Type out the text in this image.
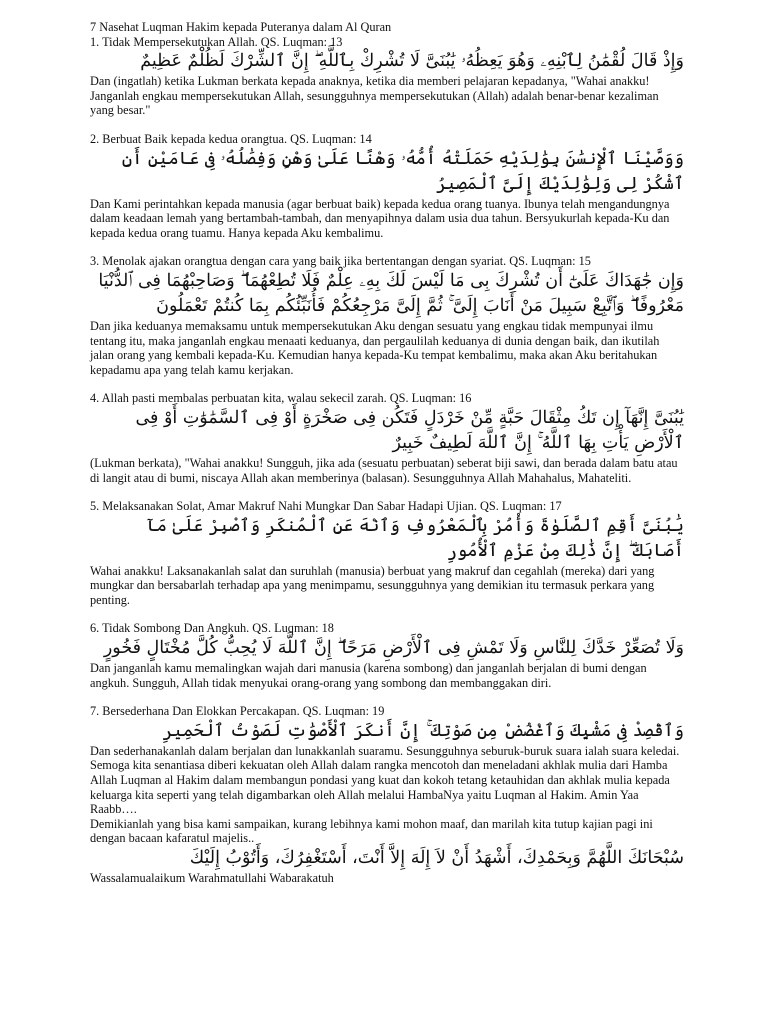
7 Nasehat Luqman Hakim kepada Puteranya dalam Al Quran

1. Tidak Mempersekutukan Allah. QS. Luqman: 13

وَإِذْ قَالَ لُقْمَٰنُ لِٱبْنِهِۦ وَهُوَ يَعِظُهُۥ يَٰبُنَىَّ لَا تُشْرِكْ بِٱللَّهِ ۖ إِنَّ ٱلشِّرْكَ لَظُلْمٌ عَظِيمٌ

Dan (ingatlah) ketika Lukman berkata kepada anaknya, ketika dia memberi pelajaran kepadanya, "Wahai anakku! Janganlah engkau mempersekutukan Allah, sesungguhnya mempersekutukan (Allah) adalah benar-benar kezaliman yang besar."

2. Berbuat Baik kepada kedua orangtua. QS. Luqman: 14

وَوَصَّيْنَا ٱلْإِنسَٰنَ بِوَٰلِدَيْهِ حَمَلَتْهُ أُمُّهُۥ وَهْنًا عَلَىٰ وَهْنٍ وَفِصَٰلُهُۥ فِى عَامَيْنِ أَنِ ٱشْكُرْ لِى وَلِوَٰلِدَيْكَ إِلَىَّ ٱلْمَصِيرُ

Dan Kami perintahkan kepada manusia (agar berbuat baik) kepada kedua orang tuanya. Ibunya telah mengandungnya dalam keadaan lemah yang bertambah-tambah, dan menyapihnya dalam usia dua tahun. Bersyukurlah kepada-Ku dan kepada kedua orang tuamu. Hanya kepada Aku kembalimu.

3. Menolak ajakan orangtua dengan cara yang baik jika bertentangan dengan syariat. QS. Luqman: 15

وَإِن جَٰهَدَاكَ عَلَىٰٓ أَن تُشْرِكَ بِى مَا لَيْسَ لَكَ بِهِۦ عِلْمٌ فَلَا تُطِعْهُمَا ۖ وَصَاحِبْهُمَا فِى ٱلدُّنْيَا مَعْرُوفًا ۖ وَٱتَّبِعْ سَبِيلَ مَنْ أَنَابَ إِلَىَّ ۚ ثُمَّ إِلَىَّ مَرْجِعُكُمْ فَأُنَبِّئُكُم بِمَا كُنتُمْ تَعْمَلُونَ

Dan jika keduanya memaksamu untuk mempersekutukan Aku dengan sesuatu yang engkau tidak mempunyai ilmu tentang itu, maka janganlah engkau menaati keduanya, dan pergaulilah keduanya di dunia dengan baik, dan ikutilah jalan orang yang kembali kepada-Ku. Kemudian hanya kepada-Ku tempat kembalimu, maka akan Aku beritahukan kepadamu apa yang telah kamu kerjakan.

4. Allah pasti membalas perbuatan kita, walau sekecil zarah. QS. Luqman: 16

يَٰبُنَىَّ إِنَّهَآ إِن تَكُ مِثْقَالَ حَبَّةٍ مِّنْ خَرْدَلٍ فَتَكُن فِى صَخْرَةٍ أَوْ فِى ٱلسَّمَٰوَٰتِ أَوْ فِى ٱلْأَرْضِ يَأْتِ بِهَا ٱللَّهُ ۚ إِنَّ ٱللَّهَ لَطِيفٌ خَبِيرٌ

(Lukman berkata), "Wahai anakku! Sungguh, jika ada (sesuatu perbuatan) seberat biji sawi, dan berada dalam batu atau di langit atau di bumi, niscaya Allah akan memberinya (balasan). Sesungguhnya Allah Mahahalus, Mahateliti.

5. Melaksanakan Solat, Amar Makruf Nahi Mungkar Dan Sabar Hadapi Ujian. QS. Luqman: 17

يَٰبُنَىَّ أَقِمِ ٱلصَّلَوٰةَ وَأْمُرْ بِٱلْمَعْرُوفِ وَٱنْهَ عَنِ ٱلْمُنكَرِ وَٱصْبِرْ عَلَىٰ مَآ أَصَابَكَ ۖ إِنَّ ذَٰلِكَ مِنْ عَزْمِ ٱلْأُمُورِ

Wahai anakku! Laksanakanlah salat dan suruhlah (manusia) berbuat yang makruf dan cegahlah (mereka) dari yang mungkar dan bersabarlah terhadap apa yang menimpamu, sesungguhnya yang demikian itu termasuk perkara yang penting.

6. Tidak Sombong Dan Angkuh. QS. Luqman: 18

وَلَا تُصَعِّرْ خَدَّكَ لِلنَّاسِ وَلَا تَمْشِ فِى ٱلْأَرْضِ مَرَحًا ۖ إِنَّ ٱللَّهَ لَا يُحِبُّ كُلَّ مُخْتَالٍ فَخُورٍ

Dan janganlah kamu memalingkan wajah dari manusia (karena sombong) dan janganlah berjalan di bumi dengan angkuh. Sungguh, Allah tidak menyukai orang-orang yang sombong dan membanggakan diri.

7. Bersederhana Dan Elokkan Percakapan. QS. Luqman: 19

وَٱقْصِدْ فِى مَشْيِكَ وَٱغْضُضْ مِن صَوْتِكَ ۚ إِنَّ أَنكَرَ ٱلْأَصْوَٰتِ لَصَوْتُ ٱلْحَمِيرِ

Dan sederhanakanlah dalam berjalan dan lunakkanlah suaramu. Sesungguhnya seburuk-buruk suara ialah suara keledai.

Semoga kita senantiasa diberi kekuatan oleh Allah dalam rangka mencotoh dan meneladani akhlak mulia dari Hamba Allah Luqman al Hakim dalam membangun pondasi yang kuat dan kokoh tetang ketauhidan dan akhlak mulia kepada keluarga kita seperti yang telah digambarkan oleh Allah melalui HambaNya yaitu Luqman al Hakim. Amin Yaa Raabb….

Demikianlah yang bisa kami sampaikan, kurang lebihnya kami mohon maaf, dan marilah kita tutup kajian pagi ini dengan bacaan kafaratul majelis..

سُبْحَانَكَ اللَّهُمَّ وَبِحَمْدِكَ، أَشْهَدُ أَنْ لاَ إِلَهَ إِلاَّ أَنْتَ، أَسْتَغْفِرُكَ، وَأَتُوْبُ إِلَيْكَ

Wassalamualaikum Warahmatullahi Wabarakatuh
